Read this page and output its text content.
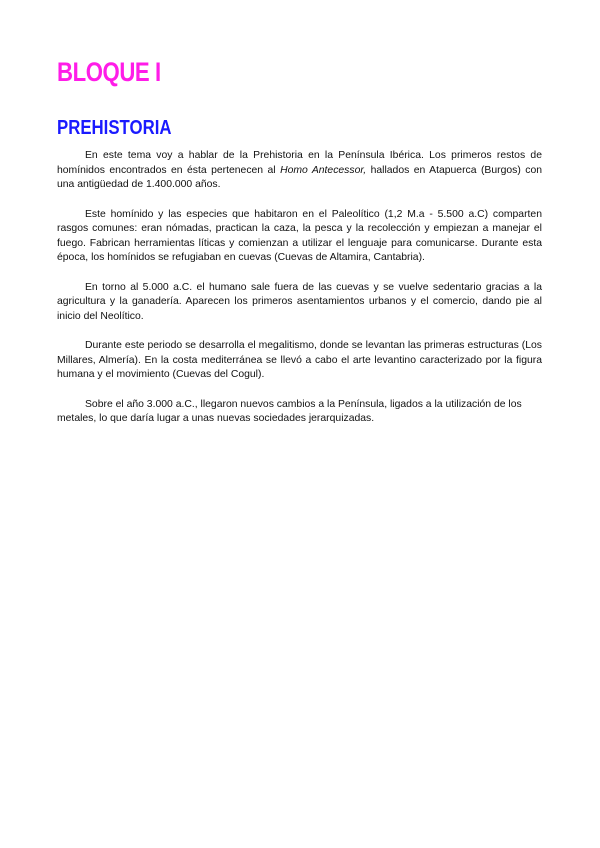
BLOQUE I
PREHISTORIA

En este tema voy a hablar de la Prehistoria en la Península Ibérica. Los primeros restos de homínidos encontrados en ésta pertenecen al Homo Antecessor, hallados en Atapuerca (Burgos) con una antigüedad de 1.400.000 años.

Este homínido y las especies que habitaron en el Paleolítico (1,2 M.a - 5.500 a.C) comparten rasgos comunes: eran nómadas, practican la caza, la pesca y la recolección y empiezan a manejar el fuego. Fabrican herramientas líticas y comienzan a utilizar el lenguaje para comunicarse. Durante esta época, los homínidos se refugiaban en cuevas (Cuevas de Altamira, Cantabria).

En torno al 5.000 a.C. el humano sale fuera de las cuevas y se vuelve sedentario gracias a la agricultura y la ganadería. Aparecen los primeros asentamientos urbanos y el comercio, dando pie al inicio del Neolítico.

Durante este periodo se desarrolla el megalitismo, donde se levantan las primeras estructuras (Los Millares, Almería). En la costa mediterránea se llevó a cabo el arte levantino caracterizado por la figura humana y el movimiento (Cuevas del Cogul).

Sobre el año 3.000 a.C., llegaron nuevos cambios a la Península, ligados a la utilización de los metales, lo que daría lugar a unas nuevas sociedades jerarquizadas.
